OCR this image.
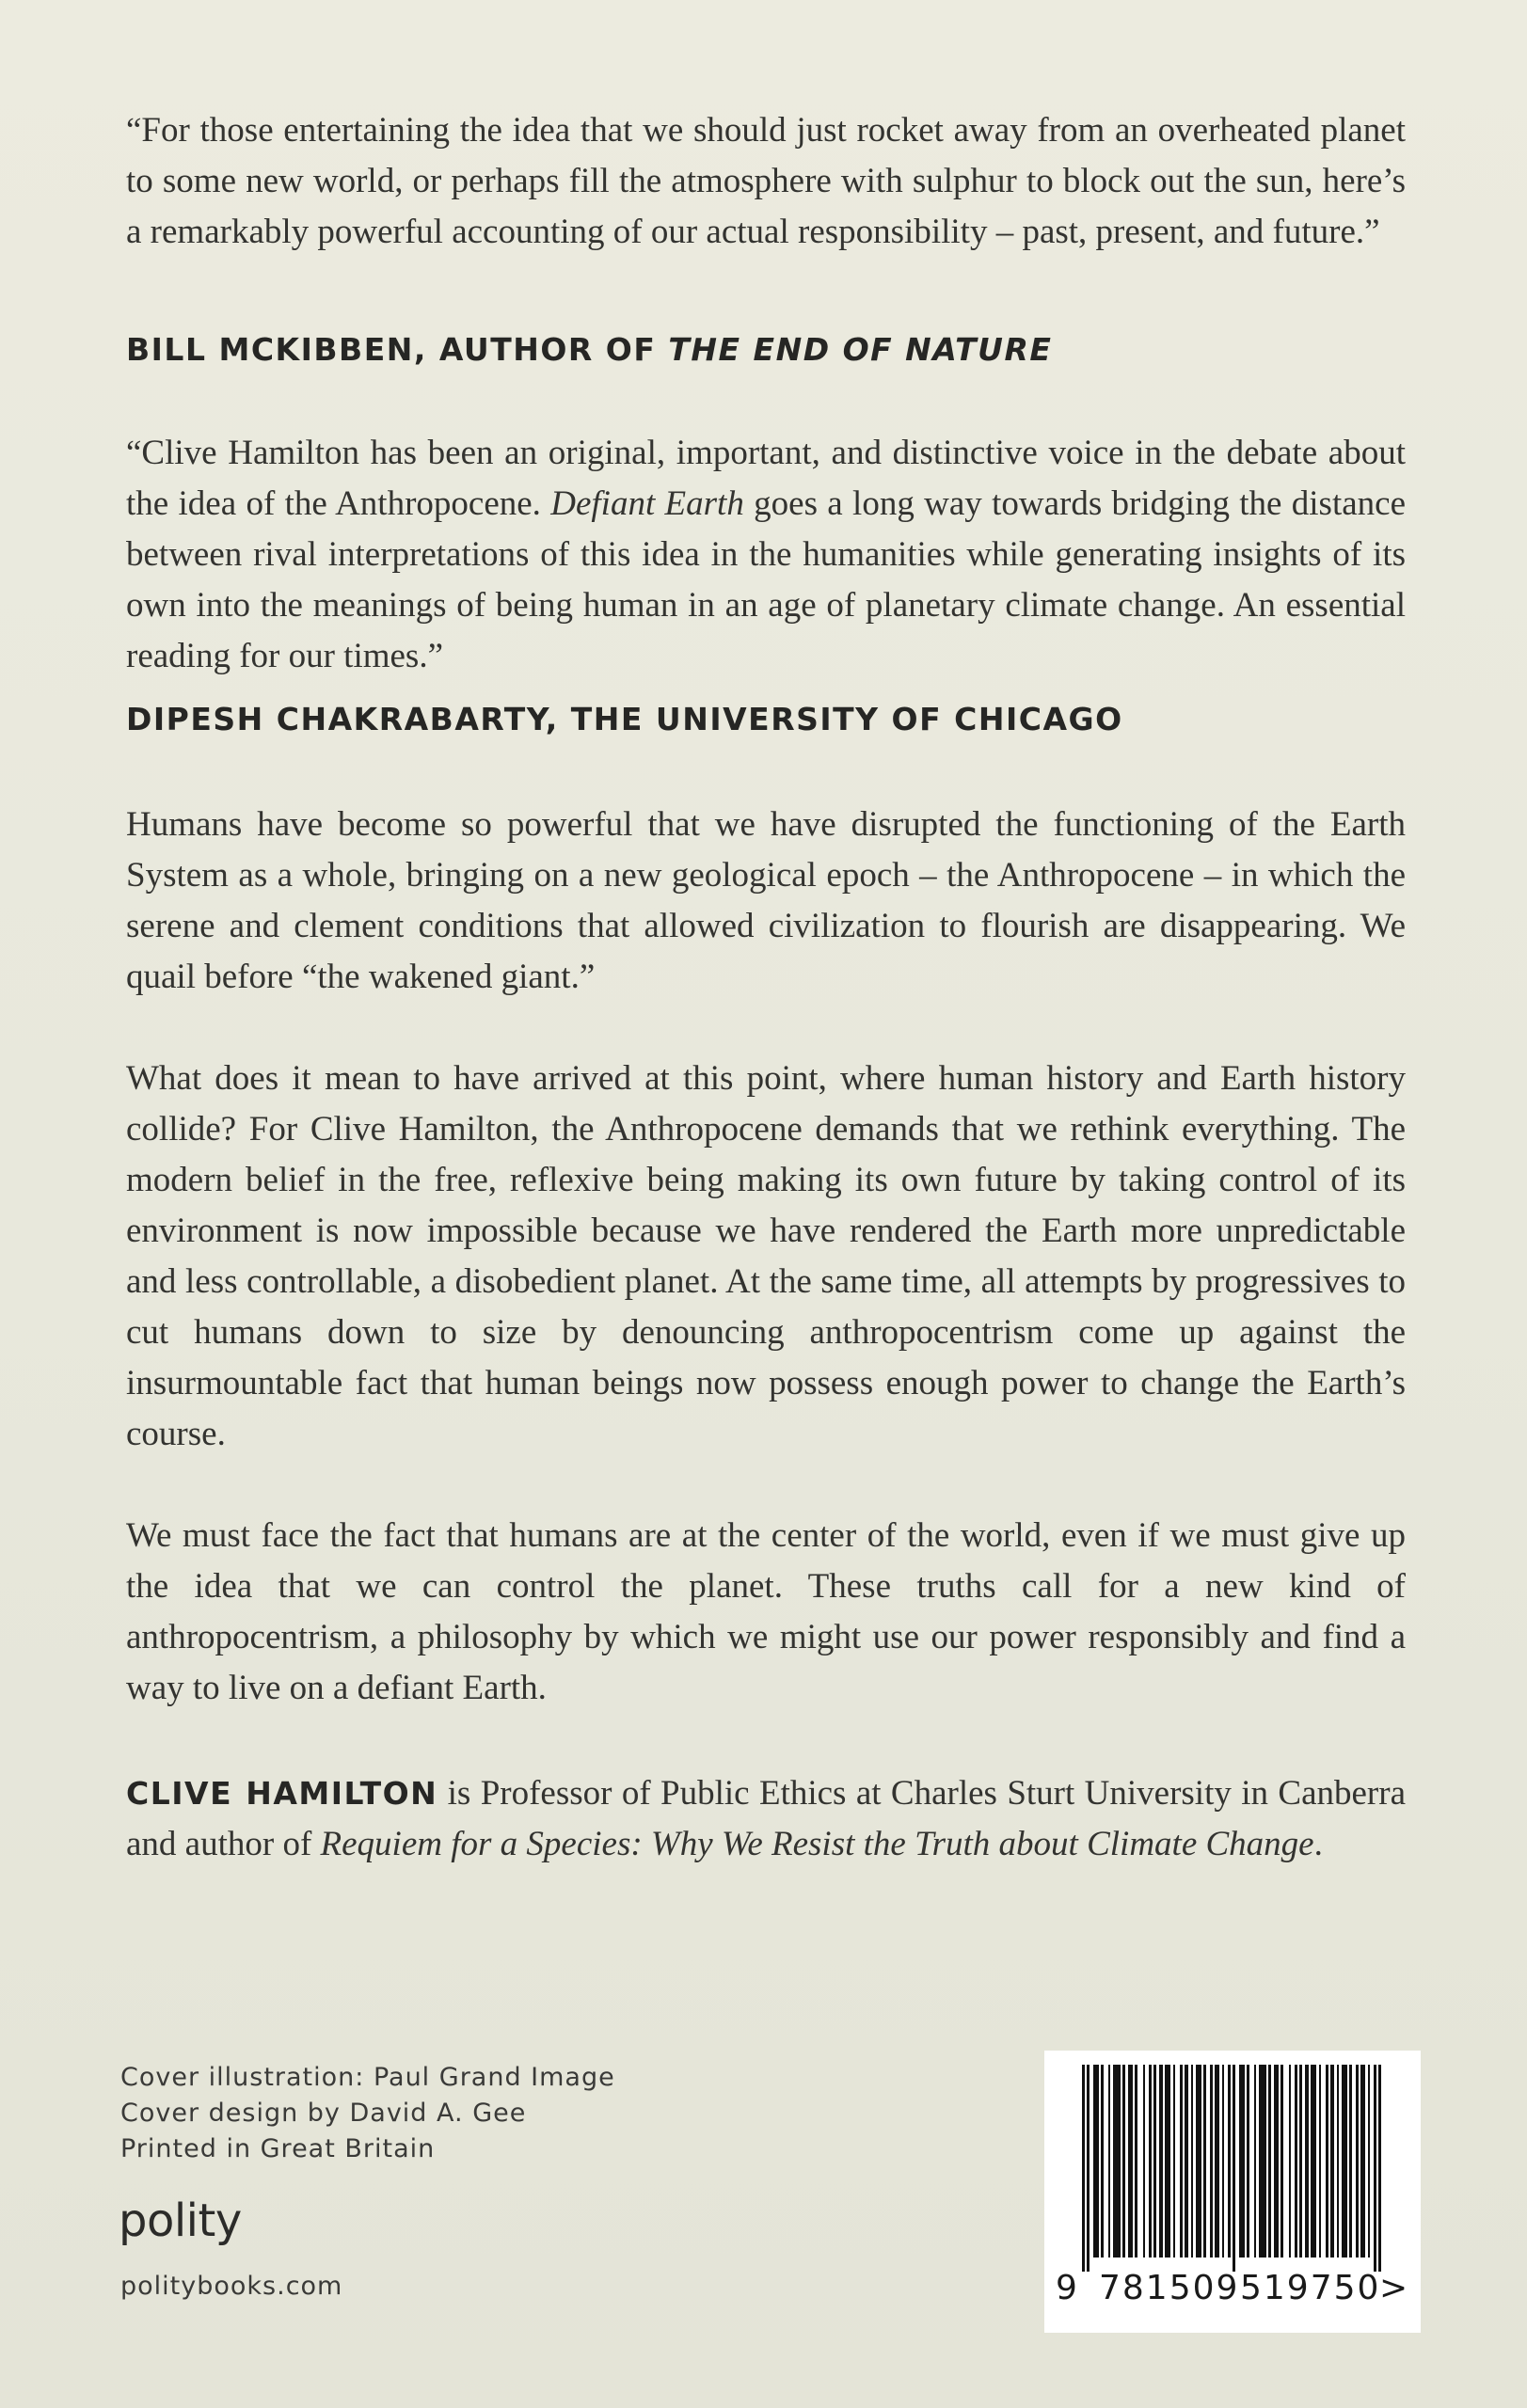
“For those entertaining the idea that we should just rocket away from an overheated planet to some new world, or perhaps fill the atmosphere with sulphur to block out the sun, here’s a remarkably powerful accounting of our actual responsibility – past, present, and future.”

BILL MCKIBBEN, AUTHOR OF THE END OF NATURE

“Clive Hamilton has been an original, important, and distinctive voice in the debate about the idea of the Anthropocene. Defiant Earth goes a long way towards bridging the distance between rival interpretations of this idea in the humanities while generating insights of its own into the meanings of being human in an age of planetary climate change. An essential reading for our times.”

DIPESH CHAKRABARTY, THE UNIVERSITY OF CHICAGO

Humans have become so powerful that we have disrupted the functioning of the Earth System as a whole, bringing on a new geological epoch – the Anthropocene – in which the serene and clement conditions that allowed civilization to flourish are disappearing. We quail before “the wakened giant.”

What does it mean to have arrived at this point, where human history and Earth history collide? For Clive Hamilton, the Anthropocene demands that we rethink everything. The modern belief in the free, reflexive being making its own future by taking control of its environment is now impossible because we have rendered the Earth more unpredictable and less controllable, a disobedient planet. At the same time, all attempts by progressives to cut humans down to size by denouncing anthropocentrism come up against the insurmountable fact that human beings now possess enough power to change the Earth’s course.

We must face the fact that humans are at the center of the world, even if we must give up the idea that we can control the planet. These truths call for a new kind of anthropocentrism, a philosophy by which we might use our power responsibly and find a way to live on a defiant Earth.

CLIVE HAMILTON is Professor of Public Ethics at Charles Sturt University in Canberra and author of Requiem for a Species: Why We Resist the Truth about Climate Change.

Cover illustration: Paul Grand Image
Cover design by David A. Gee
Printed in Great Britain
polity
politybooks.com	9 781509 519750
>
